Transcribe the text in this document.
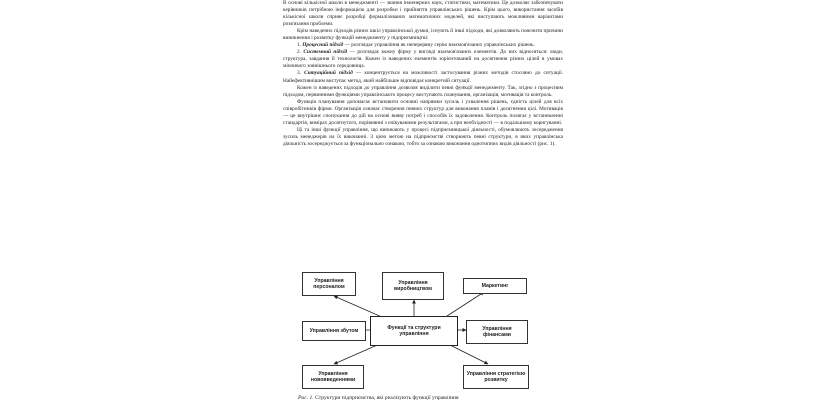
В основі кількісної школи в менеджменті — знання інженерних наук, статистики, математики. Це дозволяє забезпечувати керівників потрібною інформацією для розробки і прийняття управлінських рішень. Крім цього, використання засобів кількісної школи сприяє розробці формалізованих математичних моделей, які виступають можливими варіантами розв'язання проблеми.

Крім наведених підходів різних шкіл управлінської думки, існують й інші підходи, які дозволяють пояснити причини виникнення і розвитку функцій менеджменту у підприємництві:

1. Процесний підхід — розглядає управління як неперервну серію взаємов'язаних управлінських рішень.

2. Системний підхід — розглядає кожну фірму у вигляді взаємов'язаних елементів. До них відносяться: люди, структура, завдання й технологія. Кожен із наведених елементів зорієнтований на досягнення різних цілей в умовах мінливого зовнішнього середовища.

3. Ситуаційний підхід — концентрується на можливості застосування різних методів стосовно до ситуації. Найефективнішим виступає метод, який найбільше відповідає конкретній ситуації.

Кожен із наведених підходів до управління дозволяє виділити певні функції менеджменту. Так, згідно з процесним підходом, первинними функціями управлінського процесу виступають планування, організація, мотивація та контроль.

Функція планування допомагає встановити основні напрямки зусиль і ухвалення рішень, єдність цілей для всіх співробітників фірми. Організація означає створення певних структур для виконання планів і досягнення цілі. Мотивація — це внутрішнє спонукання до дій на основі вияву потреб і способів їх задоволення. Контроль полягає у встановленні стандартів, вимірах досягнутого, порівнянні з очікуваними результатами, а при необхідності — в подальшому коригуванні.

Ці та інші функції управління, що виникають у процесі підприємницької діяльності, обумовлюють зосередження зусиль менеджерів на їх виконанні. З цією метою на підприємстві створюють певні структури, в яких управлінська діяльність зосереджується за функціонально ознакою, тобто за ознакою виконання однотипних видів діяльності (рис. 1).

Управління персоналом
Управління виробництвом
Маркетинг
Управління збутом
Функції та структури управління
Управління фінансами
Управління нововведеннями
Управління стратегією розвитку
Рис. 1. Структури підприємства, які реалізують функції управління
